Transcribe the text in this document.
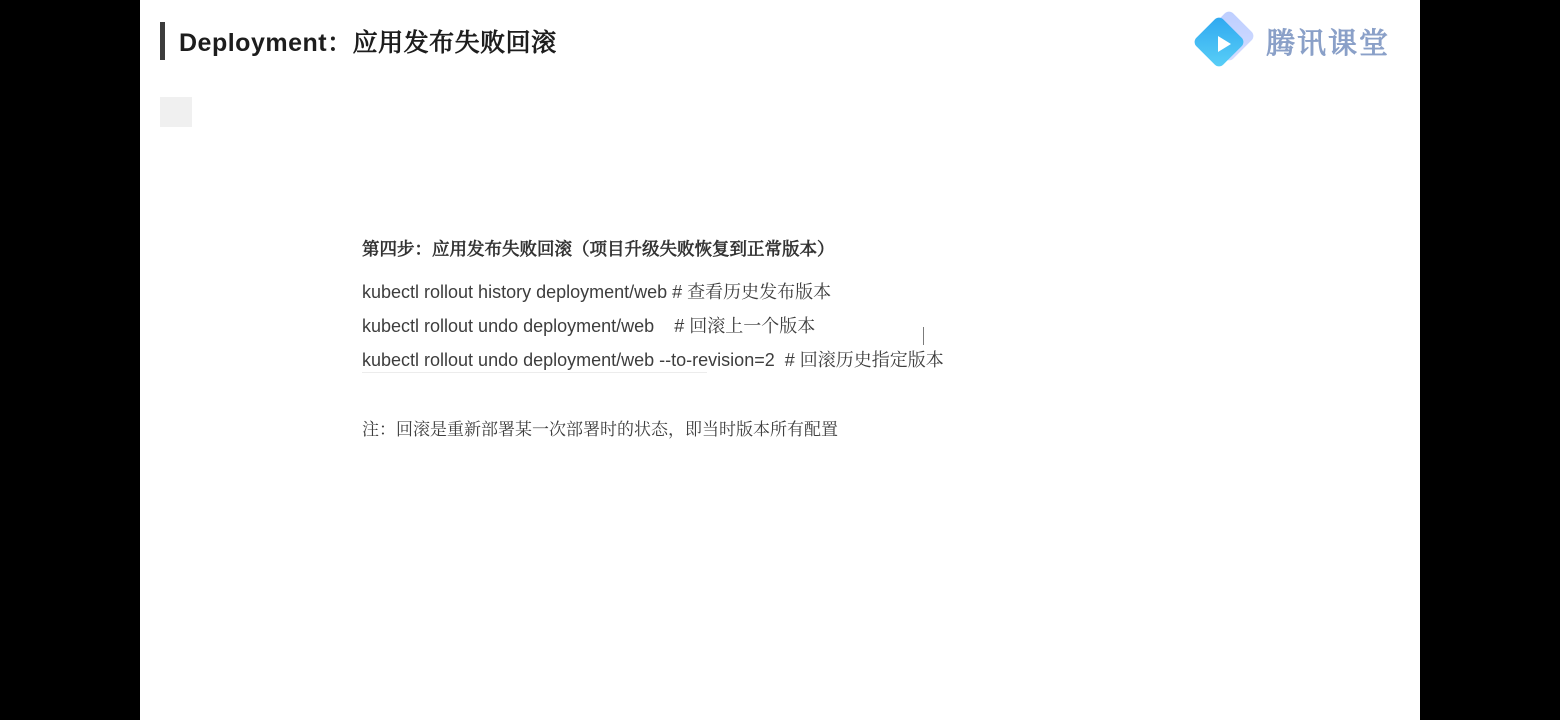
Deployment：应用发布失败回滚	腾讯课堂
第四步：应用发布失败回滚（项目升级失败恢复到正常版本）
kubectl rollout history deployment/web # 查看历史发布版本
kubectl rollout undo deployment/web    # 回滚上一个版本
kubectl rollout undo deployment/web --to-revision=2  # 回滚历史指定版本
注：回滚是重新部署某一次部署时的状态，即当时版本所有配置
